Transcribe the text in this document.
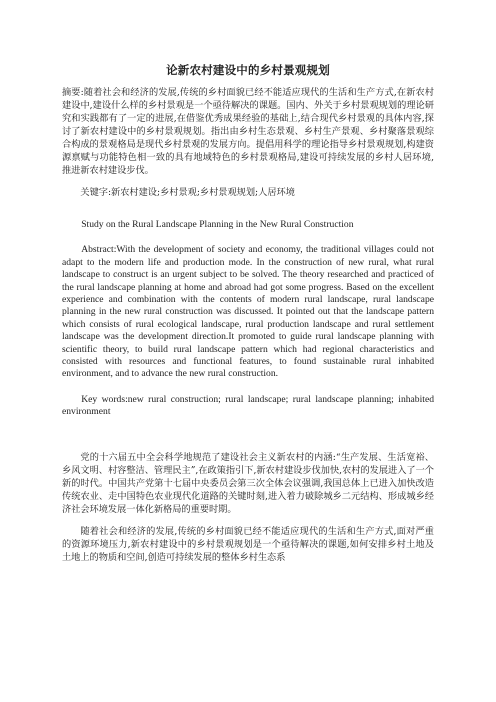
论新农村建设中的乡村景观规划

摘要:随着社会和经济的发展,传统的乡村面貌已经不能适应现代的生活和生产方式,在新农村建设中,建设什么样的乡村景观是一个亟待解决的课题。国内、外关于乡村景观规划的理论研究和实践都有了一定的进展,在借鉴优秀成果经验的基础上,结合现代乡村景观的具体内容,探讨了新农村建设中的乡村景观规划。指出由乡村生态景观、乡村生产景观、乡村聚落景观综合构成的景观格局是现代乡村景观的发展方向。提倡用科学的理论指导乡村景观规划,构建资源禀赋与功能特色相一致的具有地域特色的乡村景观格局,建设可持续发展的乡村人居环境,推进新农村建设步伐。

关键字:新农村建设;乡村景观;乡村景观规划;人居环境

Study on the Rural Landscape Planning in the New Rural Construction

Abstract:With the development of society and economy, the traditional villages could not adapt to the modern life and production mode. In the construction of new rural, what rural landscape to construct is an urgent subject to be solved. The theory researched and practiced of the rural landscape planning at home and abroad had got some progress. Based on the excellent experience and combination with the contents of modern rural landscape, rural landscape planning in the new rural construction was discussed. It pointed out that the landscape pattern which consists of rural ecological landscape, rural production landscape and rural settlement landscape was the development direction.It promoted to guide rural landscape planning with scientific theory, to build rural landscape pattern which had regional characteristics and consisted with resources and functional features, to found sustainable rural inhabited environment, and to advance the new rural construction.

Key words:new rural construction; rural landscape; rural landscape planning; inhabited environment

党的十六届五中全会科学地规范了建设社会主义新农村的内涵:“生产发展、生活宽裕、乡风文明、村容整洁、管理民主”,在政策指引下,新农村建设步伐加快,农村的发展进入了一个新的时代。中国共产党第十七届中央委员会第三次全体会议强调,我国总体上已进入加快改造传统农业、走中国特色农业现代化道路的关键时刻,进入着力破除城乡二元结构、形成城乡经济社会环境发展一体化新格局的重要时期。

随着社会和经济的发展,传统的乡村面貌已经不能适应现代的生活和生产方式,面对严重的资源环境压力,新农村建设中的乡村景观规划是一个亟待解决的课题,如何安排乡村土地及土地上的物质和空间,创造可持续发展的整体乡村生态系
